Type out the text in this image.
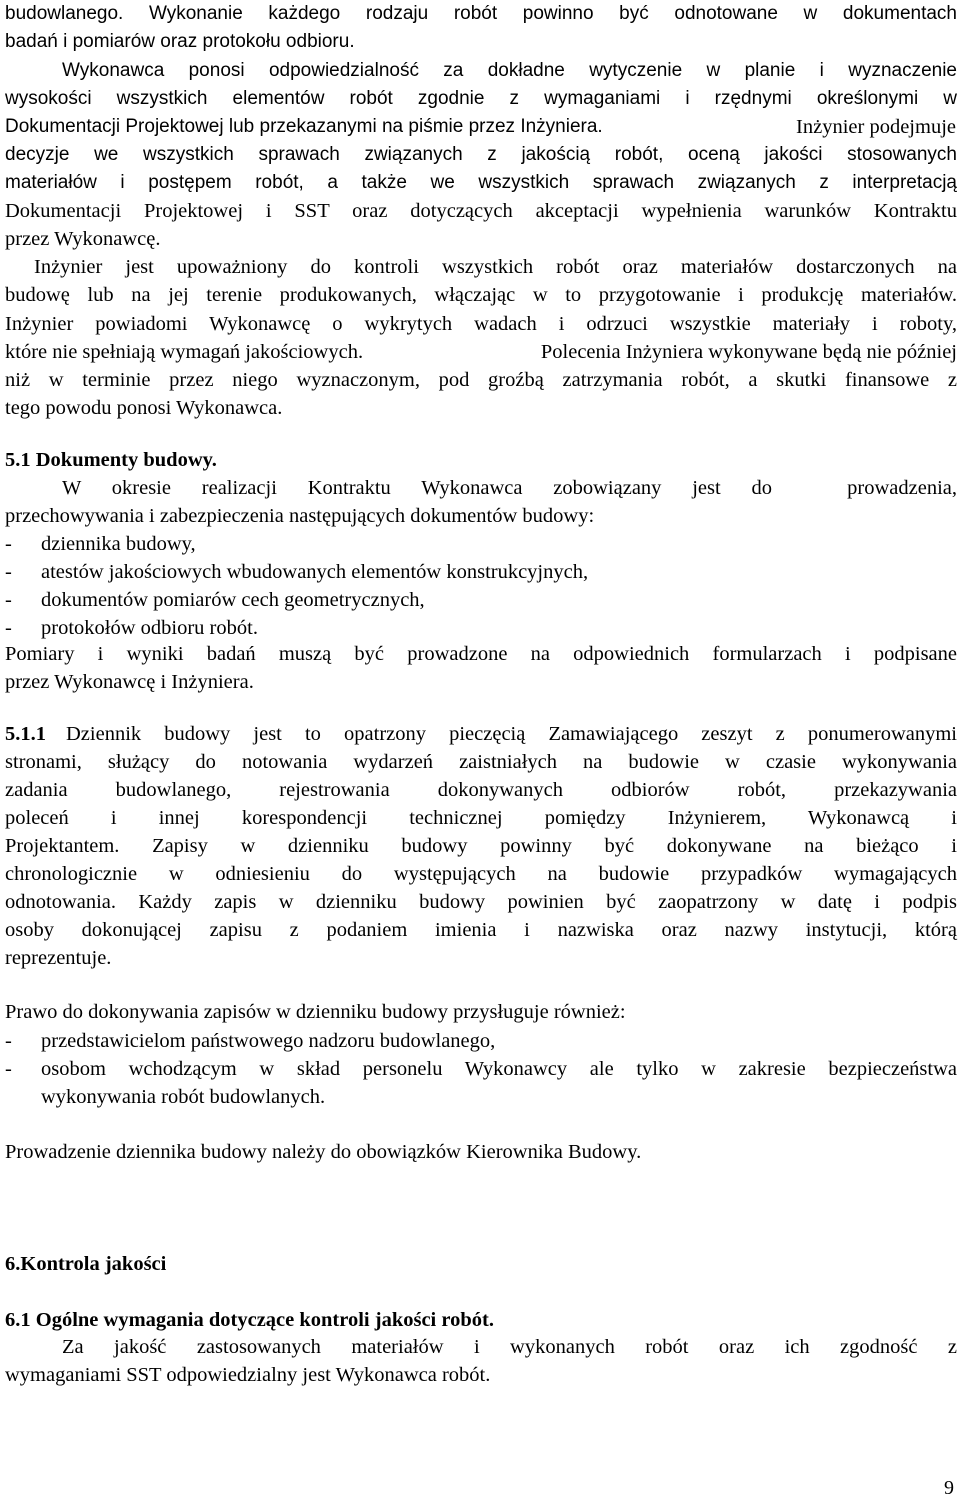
budowlanego. Wykonanie każdego rodzaju robót powinno być odnotowane w dokumentach
badań i pomiarów oraz protokołu odbioru.
Wykonawca ponosi odpowiedzialność za dokładne wytyczenie w planie i wyznaczenie
wysokości wszystkich elementów robót zgodnie z wymaganiami i rzędnymi określonymi w
Dokumentacji Projektowej lub przekazanymi na piśmie przez Inżyniera.	Inżynier podejmuje
decyzje we wszystkich sprawach związanych z jakością robót, oceną jakości stosowanych
materiałów i postępem robót, a także we wszystkich sprawach związanych z interpretacją
Dokumentacji Projektowej i SST oraz dotyczących akceptacji wypełnienia warunków Kontraktu
przez Wykonawcę.
Inżynier jest upoważniony do kontroli wszystkich robót oraz materiałów dostarczonych na
budowę lub na jej terenie produkowanych, włączając w to przygotowanie i produkcję materiałów.
Inżynier powiadomi Wykonawcę o wykrytych wadach i odrzuci wszystkie materiały i roboty,
które nie spełniają wymagań jakościowych.	Polecenia Inżyniera wykonywane będą nie później
niż w terminie przez niego wyznaczonym, pod groźbą zatrzymania robót, a skutki finansowe z
tego powodu ponosi Wykonawca.
5.1 Dokumenty budowy.
W okresie realizacji Kontraktu Wykonawca zobowiązany jest do	prowadzenia,
przechowywania i zabezpieczenia następujących dokumentów budowy:
- dziennika budowy,
- atestów jakościowych wbudowanych elementów konstrukcyjnych,
- dokumentów pomiarów cech geometrycznych,
- protokołów odbioru robót.
Pomiary i wyniki badań muszą być prowadzone na odpowiednich formularzach i podpisane
przez Wykonawcę i Inżyniera.
5.1.1 Dziennik budowy jest to opatrzony pieczęcią Zamawiającego zeszyt z ponumerowanymi
stronami, służący do notowania wydarzeń zaistniałych na budowie w czasie wykonywania
zadania budowlanego, rejestrowania dokonywanych odbiorów robót, przekazywania
poleceń i innej korespondencji technicznej pomiędzy Inżynierem, Wykonawcą i
Projektantem. Zapisy w dzienniku budowy powinny być dokonywane na bieżąco i
chronologicznie w odniesieniu do występujących na budowie przypadków wymagających
odnotowania. Każdy zapis w dzienniku budowy powinien być zaopatrzony w datę i podpis
osoby dokonującej zapisu z podaniem imienia i nazwiska oraz nazwy instytucji, którą
reprezentuje.
Prawo do dokonywania zapisów w dzienniku budowy przysługuje również:
- przedstawicielom państwowego nadzoru budowlanego,
- osobom wchodzącym w skład personelu Wykonawcy ale tylko w zakresie bezpieczeństwa
wykonywania robót budowlanych.
Prowadzenie dziennika budowy należy do obowiązków Kierownika Budowy.
6.Kontrola jakości
6.1 Ogólne wymagania dotyczące kontroli jakości robót.
Za jakość zastosowanych materiałów i wykonanych robót oraz ich zgodność z
wymaganiami SST odpowiedzialny jest Wykonawca robót.
9
